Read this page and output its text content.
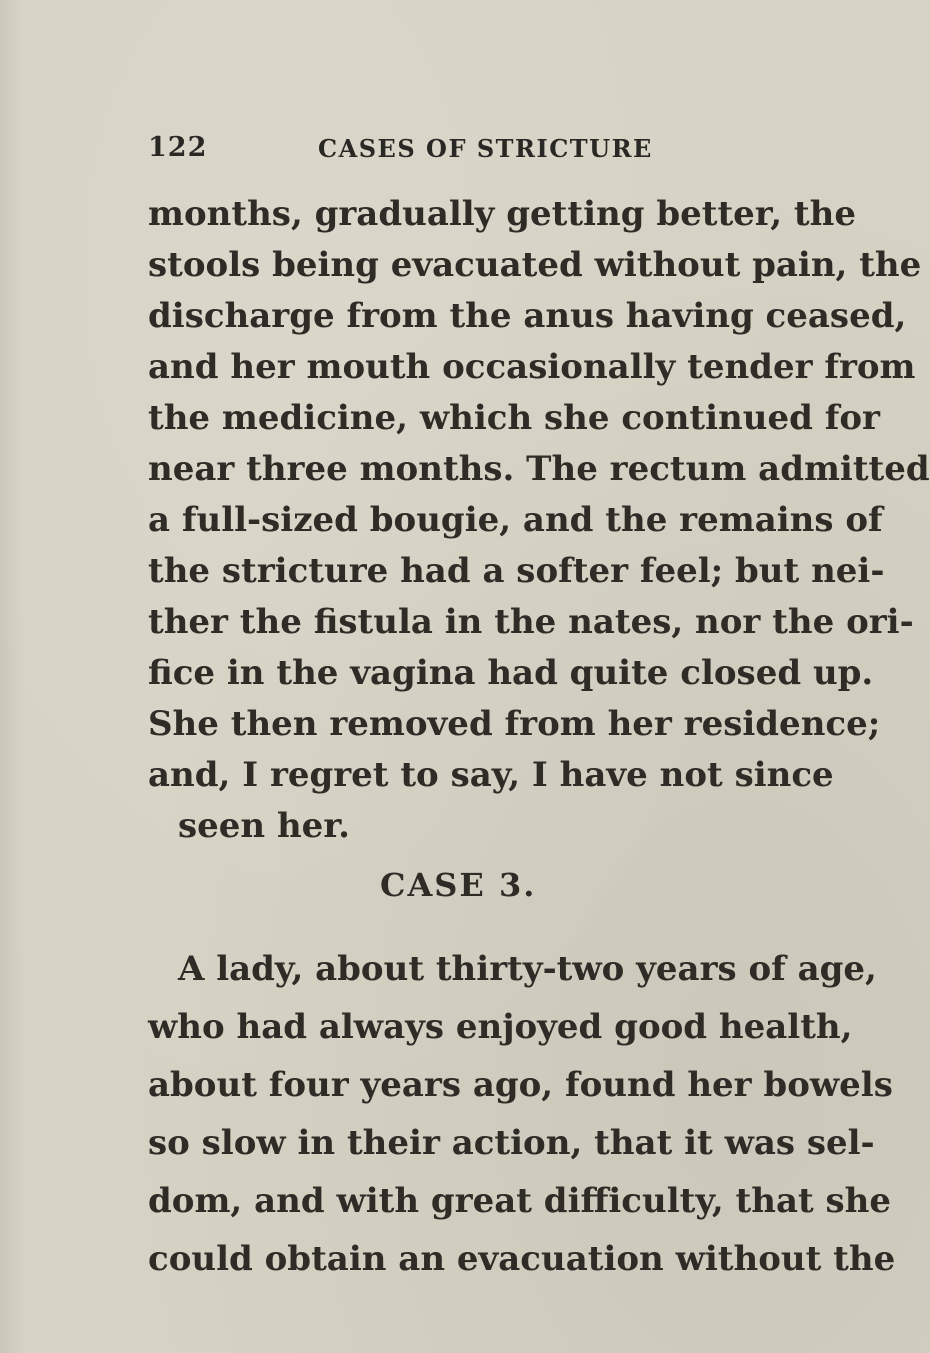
122	CASES OF STRICTURE
months, gradually getting better, the
stools being evacuated without pain, the
discharge from the anus having ceased,
and her mouth occasionally tender from
the medicine, which she continued for
near three months. The rectum admitted
a full-sized bougie, and the remains of
the stricture had a softer feel; but nei-
ther the fistula in the nates, nor the ori-
fice in the vagina had quite closed up.
She then removed from her residence;
and, I regret to say, I have not since
seen her.
CASE 3.
A lady, about thirty-two years of age,
who had always enjoyed good health,
about four years ago, found her bowels
so slow in their action, that it was sel-
dom, and with great difficulty, that she
could obtain an evacuation without the
